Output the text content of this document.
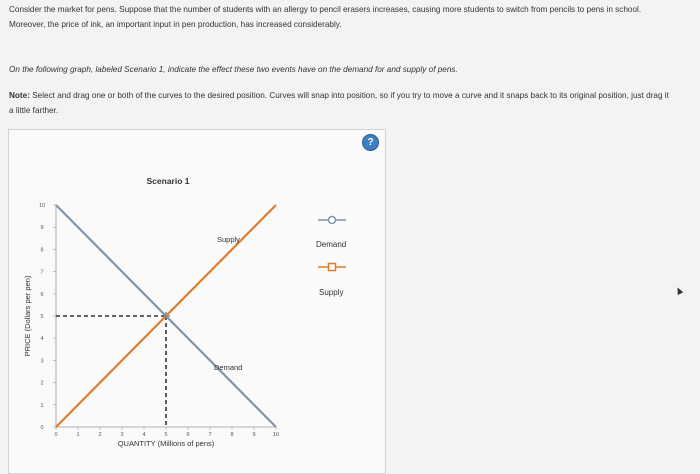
Consider the market for pens. Suppose that the number of students with an allergy to pencil erasers increases, causing more students to switch from pencils to pens in school. Moreover, the price of ink, an important input in pen production, has increased considerably.
On the following graph, labeled Scenario 1, indicate the effect these two events have on the demand for and supply of pens.
Note: Select and drag one or both of the curves to the desired position. Curves will snap into position, so if you try to move a curve and it snaps back to its original position, just drag it a little farther.
?
Scenario 1
0	1	2	3	4	5	6	7	8	9	10
0
1
2
3
4
5
6
7
8
9
10
Supply
Demand
QUANTITY (Millions of pens)
PRICE (Dollars per pen)
Demand
Supply
